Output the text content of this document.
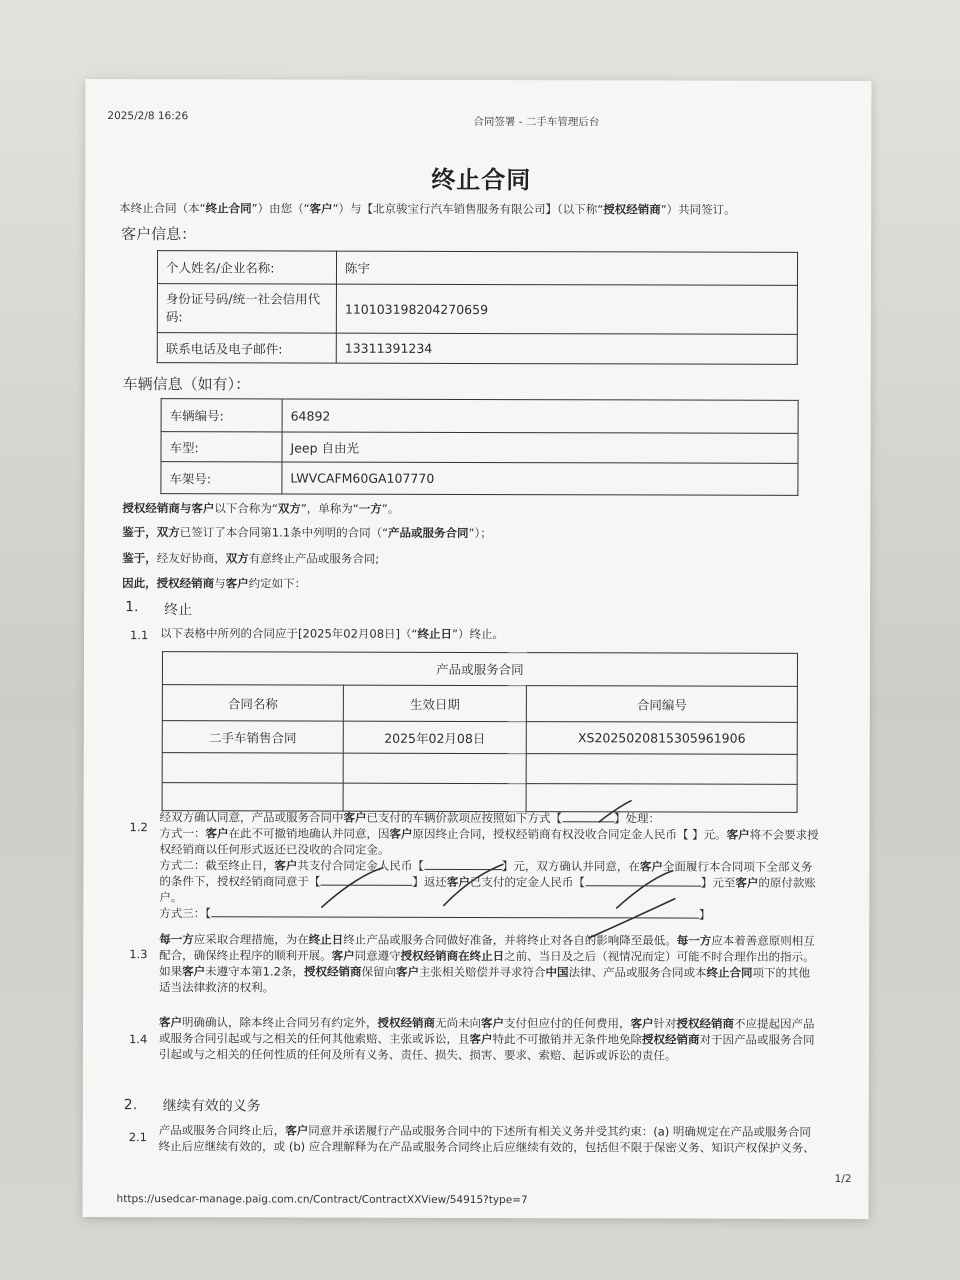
2025/2/8 16:26	合同签署 - 二手车管理后台
终止合同
本终止合同（本“终止合同”）由您（“客户”）与【北京骏宝行汽车销售服务有限公司】（以下称“授权经销商”）共同签订。
客户信息：
个人姓名/企业名称:	陈宇
身份证号码/统一社会信用代码:	110103198204270659
联系电话及电子邮件:	13311391234
车辆信息（如有）：
车辆编号:	64892
车型:	Jeep 自由光
车架号:	LWVCAFM60GA107770
授权经销商与客户以下合称为“双方”，单称为“一方”。
鉴于，双方已签订了本合同第1.1条中列明的合同（“产品或服务合同”）；
鉴于，经友好协商，双方有意终止产品或服务合同;
因此，授权经销商与客户约定如下：
1. 终止
1.1 以下表格中所列的合同应于[2025年02月08日]（“终止日”）终止。
产品或服务合同		
合同名称	生效日期	合同编号
二手车销售合同	2025年02月08日	XS2025020815305961906

1.2
经双方确认同意，产品或服务合同中客户已支付的车辆价款项应按照如下方式【	】处理：
方式一：客户在此不可撤销地确认并同意，因客户原因终止合同，授权经销商有权没收合同定金人民币【 】元。客户将不会要求授
权经销商以任何形式返还已没收的合同定金。
方式二：截至终止日，客户共支付合同定金人民币【	】元，双方确认并同意，在客户全面履行本合同项下全部义务
的条件下，授权经销商同意于【	】返还客户已支付的定金人民币【	】元至客户的原付款账
户。
方式三：【	】
1.3
每一方应采取合理措施，为在终止日终止产品或服务合同做好准备，并将终止对各自的影响降至最低。每一方应本着善意原则相互
配合，确保终止程序的顺利开展。客户同意遵守授权经销商在终止日之前、当日及之后（视情况而定）可能不时合理作出的指示。
如果客户未遵守本第1.2条，授权经销商保留向客户主张相关赔偿并寻求符合中国法律、产品或服务合同或本终止合同项下的其他
适当法律救济的权利。
1.4
客户明确确认，除本终止合同另有约定外，授权经销商无尚未向客户支付但应付的任何费用，客户针对授权经销商不应提起因产品
或服务合同引起或与之相关的任何其他索赔、主张或诉讼，且客户特此不可撤销并无条件地免除授权经销商对于因产品或服务合同
引起或与之相关的任何性质的任何及所有义务、责任、损失、损害、要求、索赔、起诉或诉讼的责任。
2. 继续有效的义务
2.1 产品或服务合同终止后，客户同意并承诺履行产品或服务合同中的下述所有相关义务并受其约束：(a) 明确规定在产品或服务合同
终止后应继续有效的，或 (b) 应合理解释为在产品或服务合同终止后应继续有效的，包括但不限于保密义务、知识产权保护义务、
1/2
https://usedcar-manage.paig.com.cn/Contract/ContractXXView/54915?type=7
